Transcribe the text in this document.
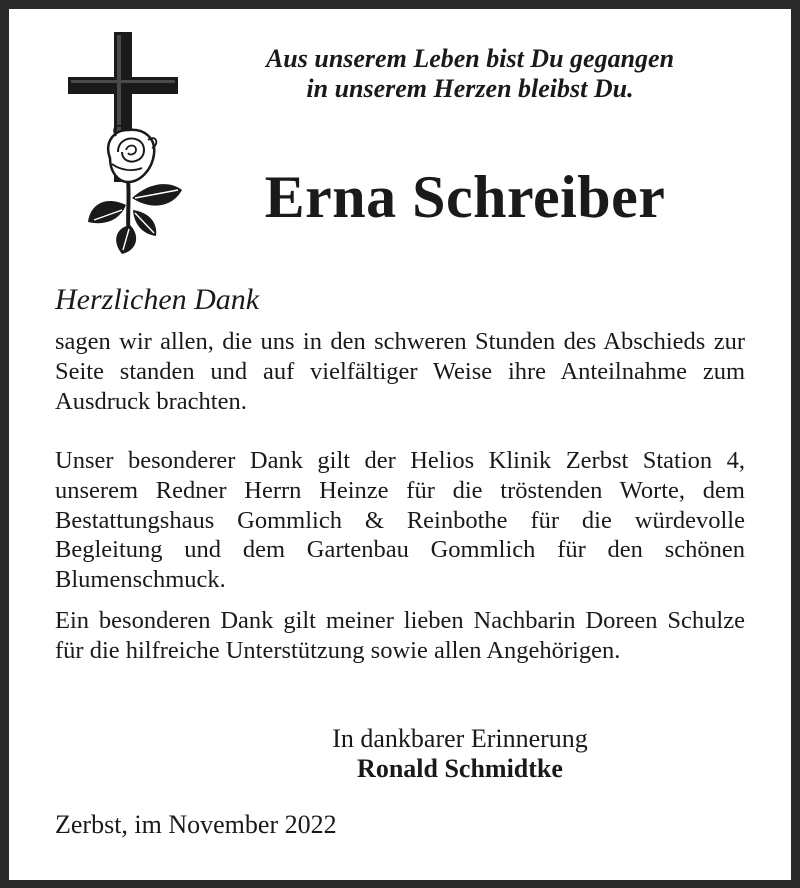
Aus unserem Leben bist Du gegangen
in unserem Herzen bleibst Du.
Erna Schreiber
Herzlichen Dank
sagen wir allen, die uns in den schweren Stunden des Abschieds zur Seite standen und auf vielfältiger Weise ihre Anteilnahme zum Ausdruck brachten.
Unser besonderer Dank gilt der Helios Klinik Zerbst Station 4, unserem Redner Herrn Heinze für die tröstenden Worte, dem Bestattungshaus Gommlich & Reinbothe für die würdevolle Begleitung und dem Gartenbau Gommlich für den schönen Blumenschmuck.
Ein besonderen Dank gilt meiner lieben Nachbarin Doreen Schulze für die hilfreiche Unterstützung sowie allen Angehörigen.
In dankbarer Erinnerung
Ronald Schmidtke
Zerbst, im November 2022
